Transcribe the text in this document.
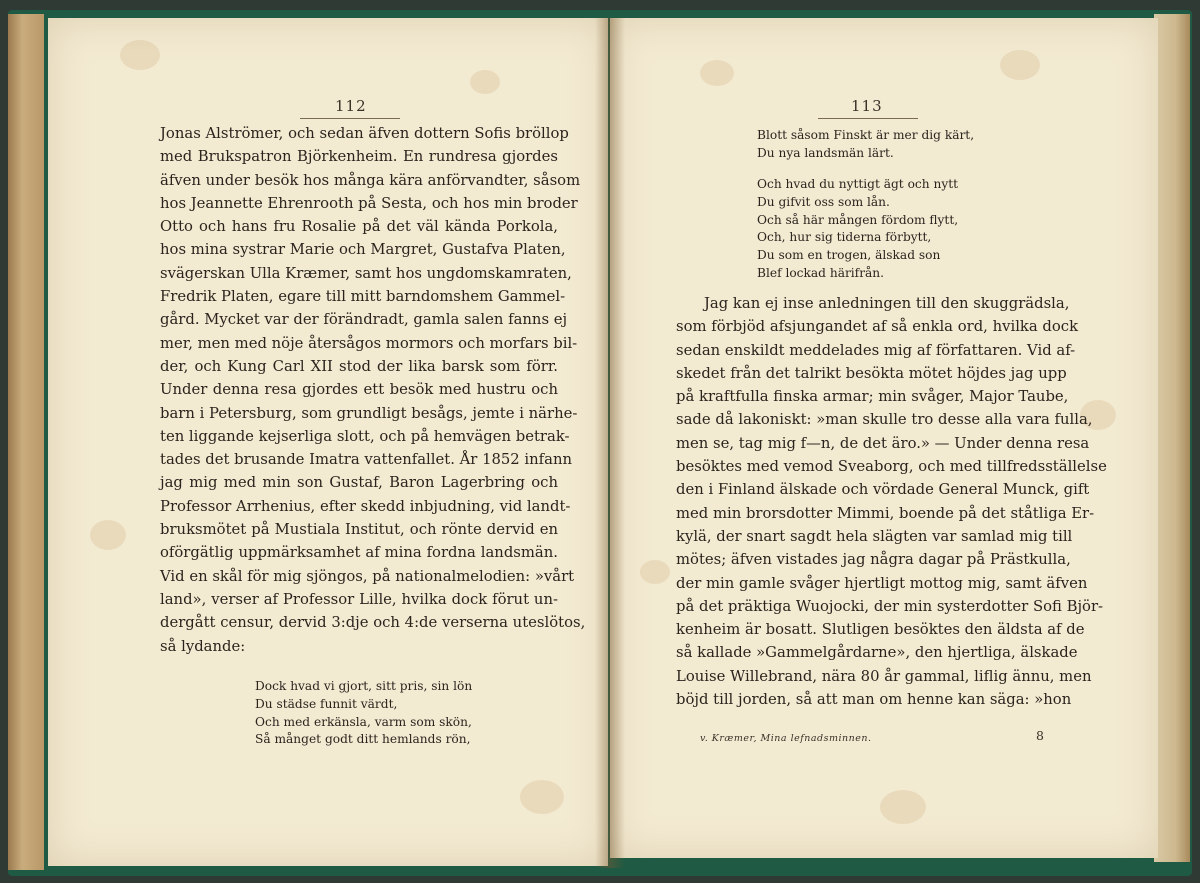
112
Jonas Alströmer, och sedan äfven dottern Sofis bröllop
med Brukspatron Björkenheim. En rundresa gjordes
äfven under besök hos många kära anförvandter, såsom
hos Jeannette Ehrenrooth på Sesta, och hos min broder
Otto och hans fru Rosalie på det väl kända Porkola,
hos mina systrar Marie och Margret, Gustafva Platen,
svägerskan Ulla Kræmer, samt hos ungdomskamraten,
Fredrik Platen, egare till mitt barndomshem Gammel-
gård. Mycket var der förändradt, gamla salen fanns ej
mer, men med nöje återsågos mormors och morfars bil-
der, och Kung Carl XII stod der lika barsk som förr.
Under denna resa gjordes ett besök med hustru och
barn i Petersburg, som grundligt besågs, jemte i närhe-
ten liggande kejserliga slott, och på hemvägen betrak-
tades det brusande Imatra vattenfallet. År 1852 infann
jag mig med min son Gustaf, Baron Lagerbring och
Professor Arrhenius, efter skedd inbjudning, vid landt-
bruksmötet på Mustiala Institut, och rönte dervid en
oförgätlig uppmärksamhet af mina fordna landsmän.
Vid en skål för mig sjöngos, på nationalmelodien: »vårt
land», verser af Professor Lille, hvilka dock förut un-
dergått censur, dervid 3:dje och 4:de verserna uteslötos,
så lydande:
Dock hvad vi gjort, sitt pris, sin lön
Du städse funnit värdt,
Och med erkänsla, varm som skön,
Så månget godt ditt hemlands rön,
113
Blott såsom Finskt är mer dig kärt,
Du nya landsmän lärt.
Och hvad du nyttigt ägt och nytt
Du gifvit oss som lån.
Och så här mången fördom flytt,
Och, hur sig tiderna förbytt,
Du som en trogen, älskad son
Blef lockad härifrån.
Jag kan ej inse anledningen till den skuggrädsla,
som förbjöd afsjungandet af så enkla ord, hvilka dock
sedan enskildt meddelades mig af författaren. Vid af-
skedet från det talrikt besökta mötet höjdes jag upp
på kraftfulla finska armar; min svåger, Major Taube,
sade då lakoniskt: »man skulle tro desse alla vara fulla,
men se, tag mig f—n, de det äro.» — Under denna resa
besöktes med vemod Sveaborg, och med tillfredsställelse
den i Finland älskade och vördade General Munck, gift
med min brorsdotter Mimmi, boende på det ståtliga Er-
kylä, der snart sagdt hela slägten var samlad mig till
mötes; äfven vistades jag några dagar på Prästkulla,
der min gamle svåger hjertligt mottog mig, samt äfven
på det präktiga Wuojocki, der min systerdotter Sofi Björ-
kenheim är bosatt. Slutligen besöktes den äldsta af de
så kallade »Gammelgårdarne», den hjertliga, älskade
Louise Willebrand, nära 80 år gammal, liflig ännu, men
böjd till jorden, så att man om henne kan säga: »hon
v. Kræmer, Mina lefnadsminnen.	8
